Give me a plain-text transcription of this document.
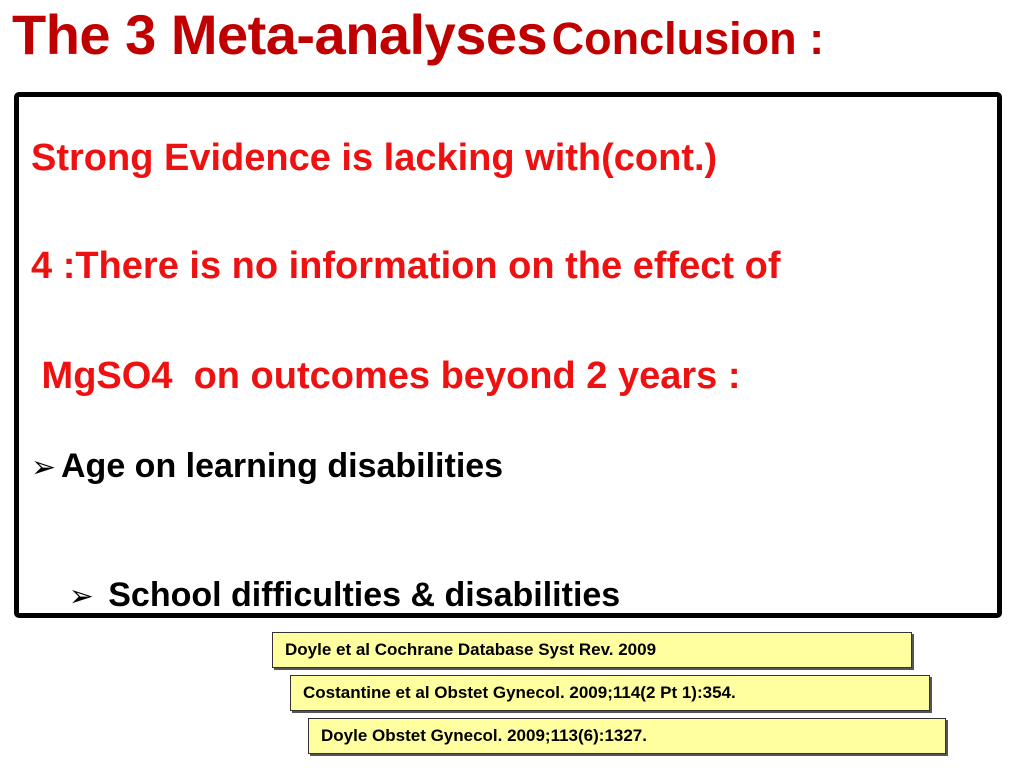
The 3 Meta-analyses Conclusion :
Strong Evidence is lacking with(cont.)
4 :There is no information on the effect of
MgSO4  on outcomes beyond 2 years :
➢ Age on learning disabilities

➢ School difficulties & disabilities

Doyle et al Cochrane Database Syst Rev. 2009
Costantine et al Obstet Gynecol. 2009;114(2 Pt 1):354.
Doyle Obstet Gynecol. 2009;113(6):1327.
